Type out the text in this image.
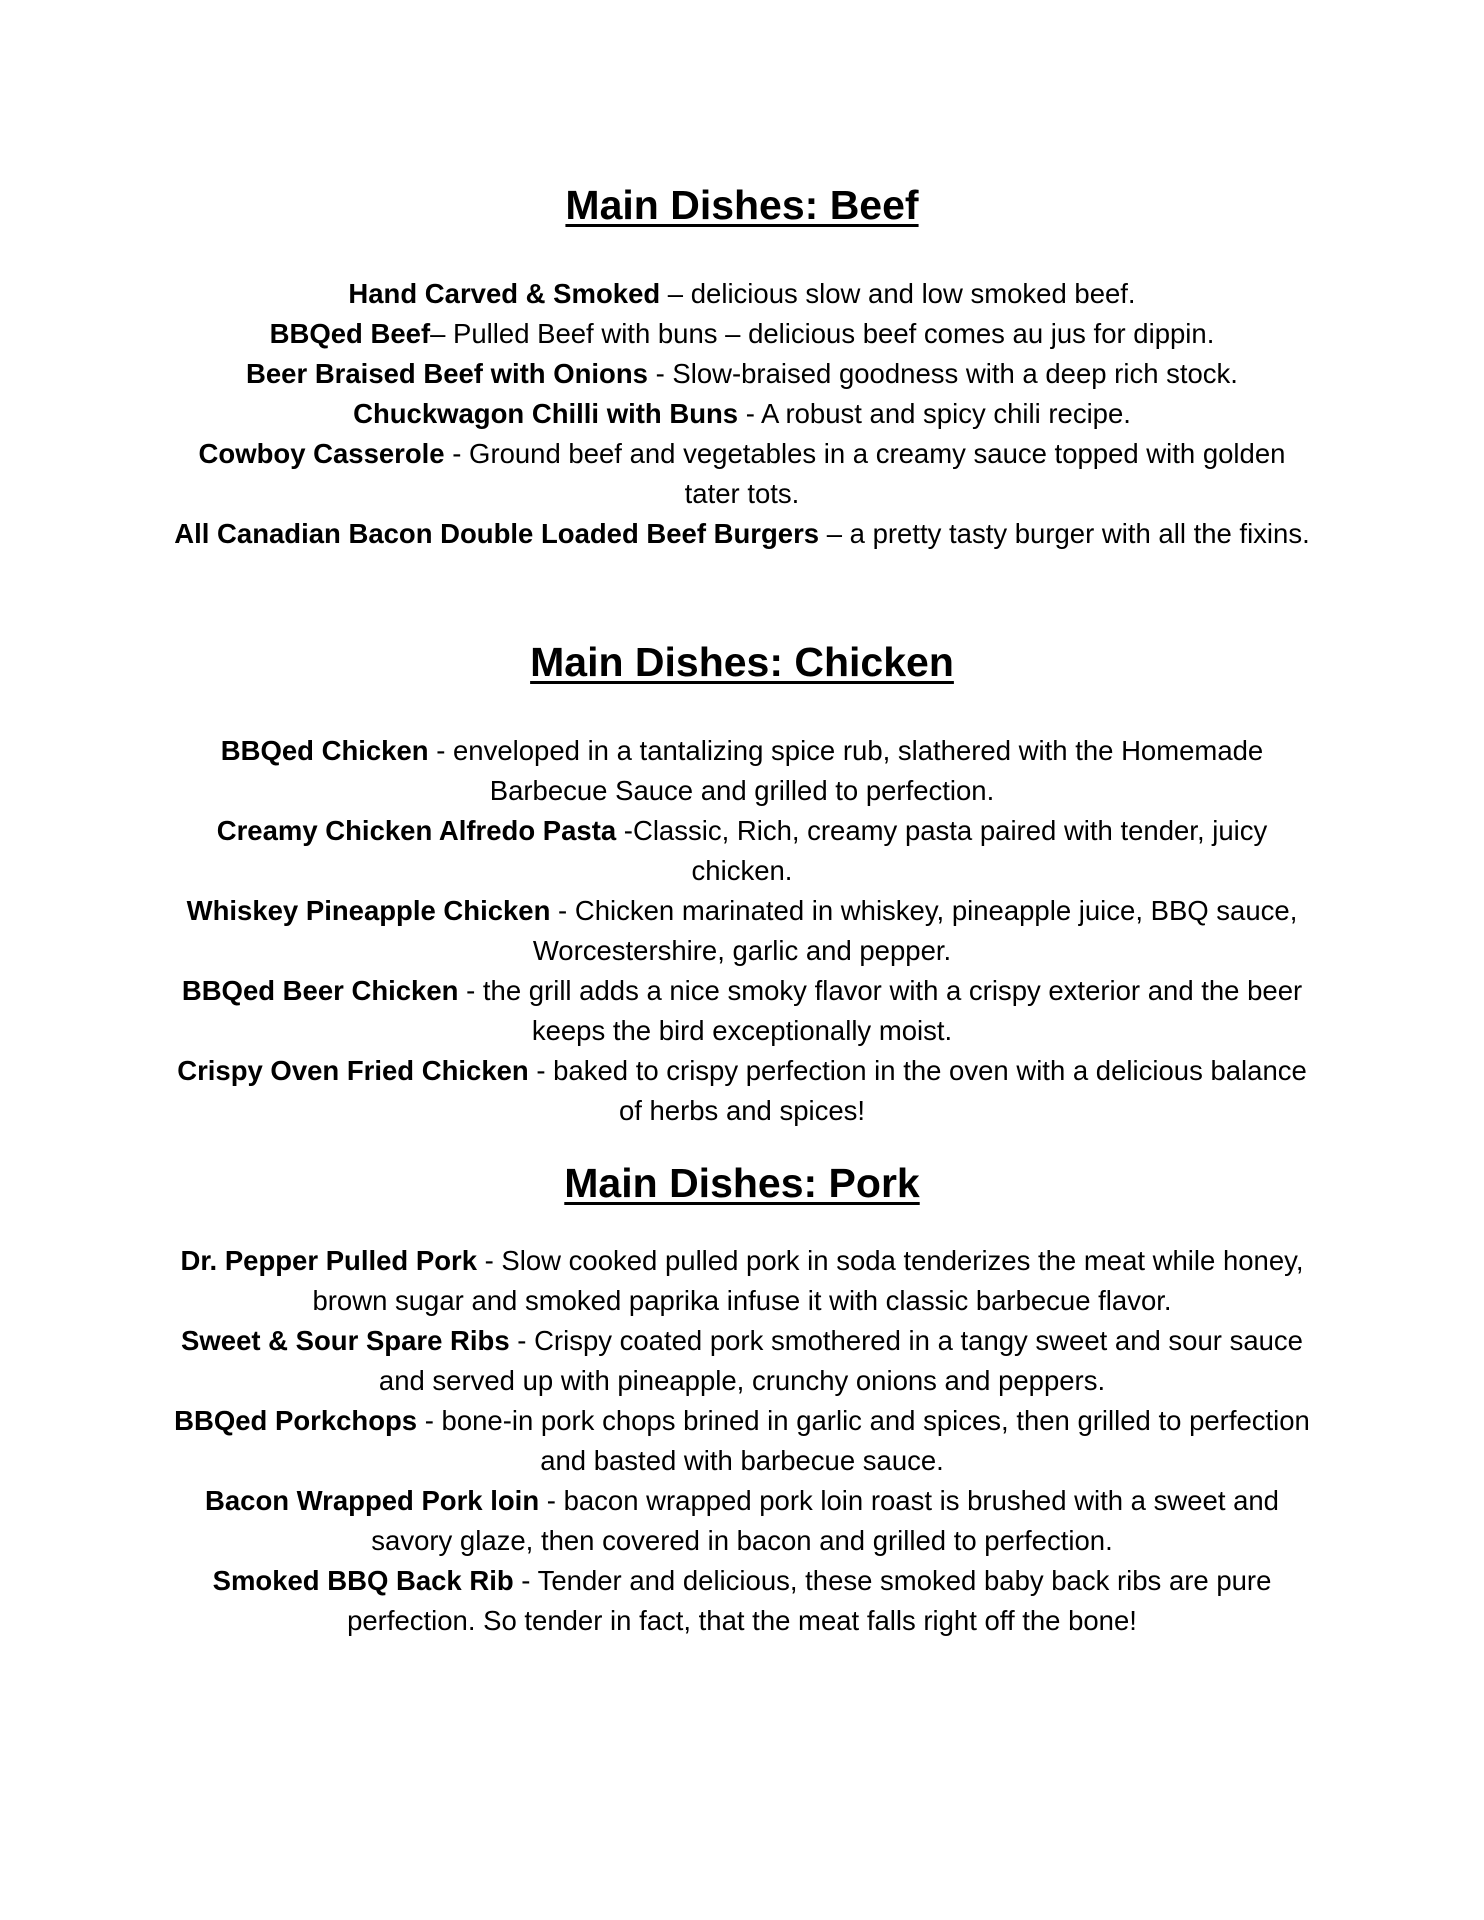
Main Dishes: Beef

Hand Carved & Smoked – delicious slow and low smoked beef.

BBQed Beef– Pulled Beef with buns – delicious beef comes au jus for dippin.

Beer Braised Beef with Onions - Slow-braised goodness with a deep rich stock.

Chuckwagon Chilli with Buns - A robust and spicy chili recipe.

Cowboy Casserole - Ground beef and vegetables in a creamy sauce topped with golden tater tots.

All Canadian Bacon Double Loaded Beef Burgers – a pretty tasty burger with all the fixins.

Main Dishes: Chicken

BBQed Chicken - enveloped in a tantalizing spice rub, slathered with the Homemade Barbecue Sauce and grilled to perfection.

Creamy Chicken Alfredo Pasta -Classic, Rich, creamy pasta paired with tender, juicy chicken.

Whiskey Pineapple Chicken - Chicken marinated in whiskey, pineapple juice, BBQ sauce, Worcestershire, garlic and pepper.

BBQed Beer Chicken - the grill adds a nice smoky flavor with a crispy exterior and the beer keeps the bird exceptionally moist.

Crispy Oven Fried Chicken - baked to crispy perfection in the oven with a delicious balance of herbs and spices!

Main Dishes: Pork

Dr. Pepper Pulled Pork - Slow cooked pulled pork in soda tenderizes the meat while honey, brown sugar and smoked paprika infuse it with classic barbecue flavor.

Sweet & Sour Spare Ribs - Crispy coated pork smothered in a tangy sweet and sour sauce and served up with pineapple, crunchy onions and peppers.

BBQed Porkchops - bone-in pork chops brined in garlic and spices, then grilled to perfection and basted with barbecue sauce.

Bacon Wrapped Pork loin - bacon wrapped pork loin roast is brushed with a sweet and savory glaze, then covered in bacon and grilled to perfection.

Smoked BBQ Back Rib - Tender and delicious, these smoked baby back ribs are pure perfection. So tender in fact, that the meat falls right off the bone!
